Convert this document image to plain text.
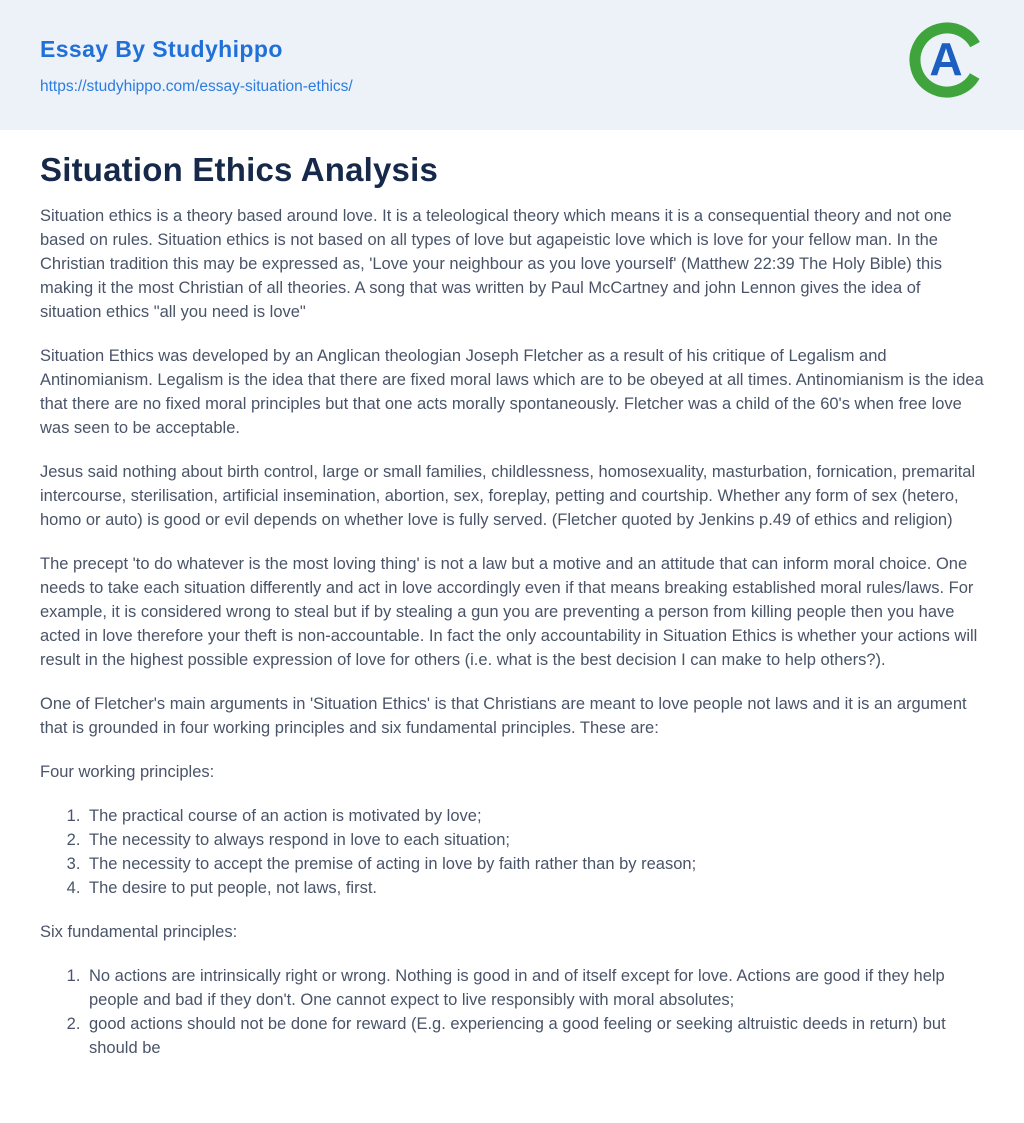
Essay By Studyhippo
https://studyhippo.com/essay-situation-ethics/
A
Situation Ethics Analysis

Situation ethics is a theory based around love. It is a teleological theory which means it is a consequential theory and not one based on rules. Situation ethics is not based on all types of love but agapeistic love which is love for your fellow man. In the Christian tradition this may be expressed as, 'Love your neighbour as you love yourself' (Matthew 22:39 The Holy Bible) this making it the most Christian of all theories. A song that was written by Paul McCartney and john Lennon gives the idea of situation ethics "all you need is love"

Situation Ethics was developed by an Anglican theologian Joseph Fletcher as a result of his critique of Legalism and Antinomianism. Legalism is the idea that there are fixed moral laws which are to be obeyed at all times. Antinomianism is the idea that there are no fixed moral principles but that one acts morally spontaneously. Fletcher was a child of the 60's when free love was seen to be acceptable.

Jesus said nothing about birth control, large or small families, childlessness, homosexuality, masturbation, fornication, premarital intercourse, sterilisation, artificial insemination, abortion, sex, foreplay, petting and courtship. Whether any form of sex (hetero, homo or auto) is good or evil depends on whether love is fully served. (Fletcher quoted by Jenkins p.49 of ethics and religion)

The precept 'to do whatever is the most loving thing' is not a law but a motive and an attitude that can inform moral choice. One needs to take each situation differently and act in love accordingly even if that means breaking established moral rules/laws. For example, it is considered wrong to steal but if by stealing a gun you are preventing a person from killing people then you have acted in love therefore your theft is non-accountable. In fact the only accountability in Situation Ethics is whether your actions will result in the highest possible expression of love for others (i.e. what is the best decision I can make to help others?).

One of Fletcher's main arguments in 'Situation Ethics' is that Christians are meant to love people not laws and it is an argument that is grounded in four working principles and six fundamental principles. These are:

Four working principles:

1. The practical course of an action is motivated by love;
2. The necessity to always respond in love to each situation;
3. The necessity to accept the premise of acting in love by faith rather than by reason;
4. The desire to put people, not laws, first.

Six fundamental principles:

1. No actions are intrinsically right or wrong. Nothing is good in and of itself except for love. Actions are good if they help people and bad if they don't. One cannot expect to live responsibly with moral absolutes;
2. good actions should not be done for reward (E.g. experiencing a good feeling or seeking altruistic deeds in return) but should be
